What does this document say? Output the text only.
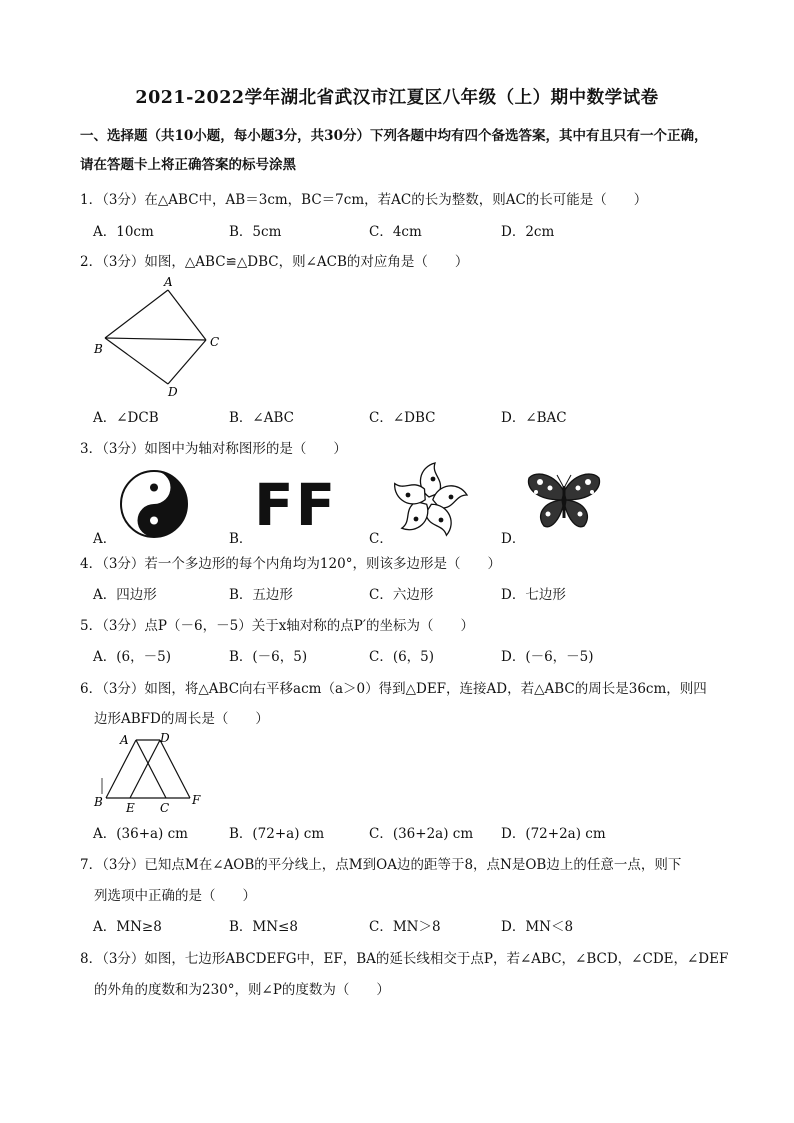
2021-2022学年湖北省武汉市江夏区八年级（上）期中数学试卷
一、选择题（共10小题，每小题3分，共30分）下列各题中均有四个备选答案，其中有且只有一个正确，
请在答题卡上将正确答案的标号涂黑
1．（3分）在△ABC中，AB＝3cm，BC＝7cm，若AC的长为整数，则AC的长可能是（　　）
A．10cm	B．5cm	C．4cm	D．2cm
2．（3分）如图，△ABC≌△DBC，则∠ACB的对应角是（　　）
A
B	C
D
A．∠DCB	B．∠ABC	C．∠DBC	D．∠BAC
3．（3分）如图中为轴对称图形的是（　　）
FF
A．	B．	C．	D．
4．（3分）若一个多边形的每个内角均为120°，则该多边形是（　　）
A．四边形	B．五边形	C．六边形	D．七边形
5．（3分）点P（－6，－5）关于x轴对称的点P′的坐标为（　　）
A．(6，－5)	B．(－6，5)	C．(6，5)	D．(－6，－5)
6．（3分）如图，将△ABC向右平移acm（a＞0）得到△DEF，连接AD，若△ABC的周长是36cm，则四
边形ABFD的周长是（　　）
A	D
B E C
F
A．(36+a) cm	B．(72+a) cm	C．(36+2a) cm D．(72+2a) cm
7．（3分）已知点M在∠AOB的平分线上，点M到OA边的距等于8，点N是OB边上的任意一点，则下
列选项中正确的是（　　）
A．MN≥8	B．MN≤8	C．MN＞8	D．MN＜8
8．（3分）如图，七边形ABCDEFG中，EF，BA的延长线相交于点P，若∠ABC，∠BCD，∠CDE，∠DEF
的外角的度数和为230°，则∠P的度数为（　　）
